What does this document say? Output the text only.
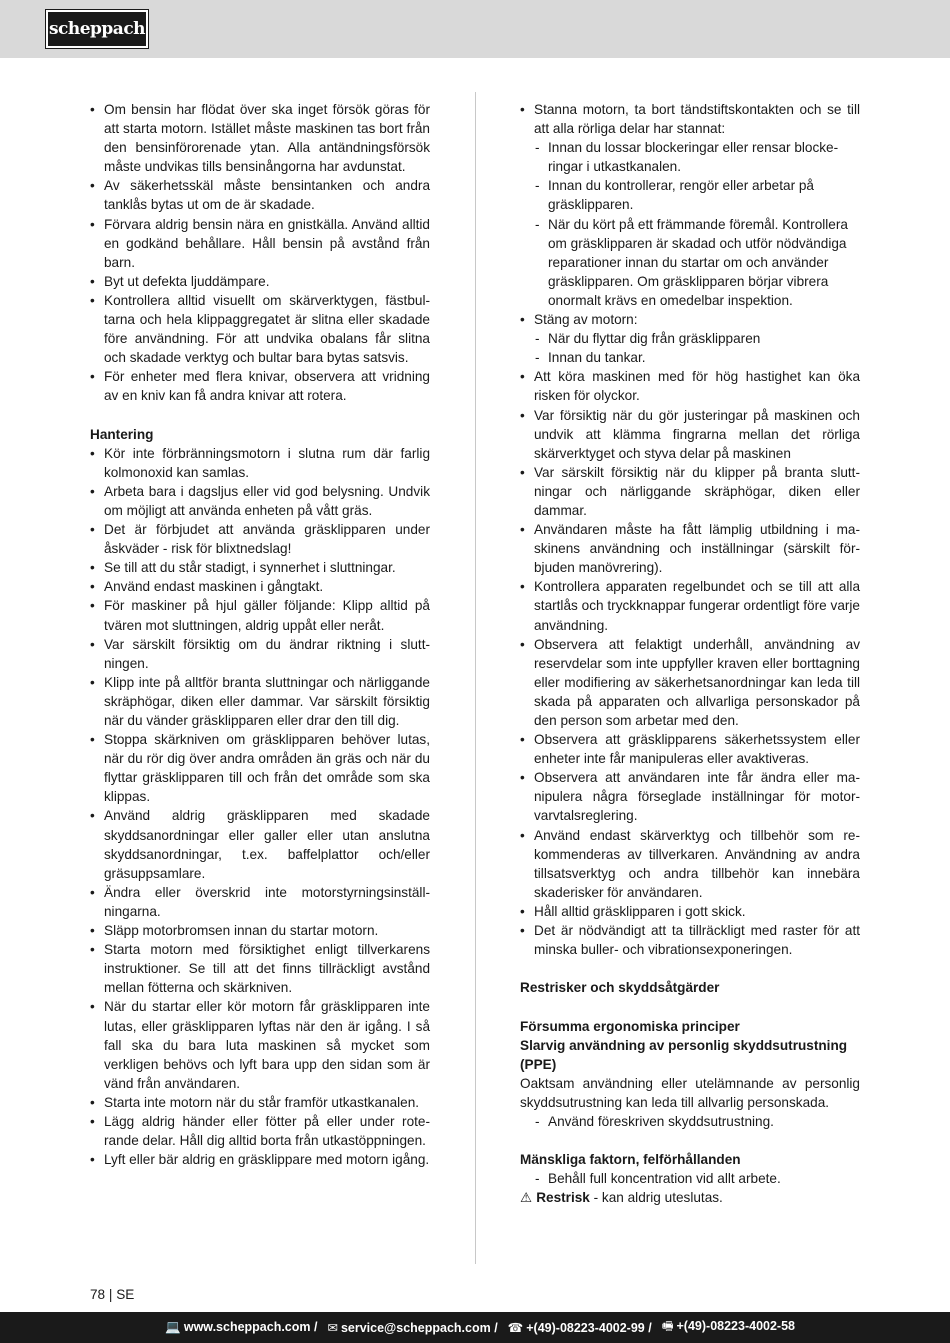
scheppach
• Om bensin har flödat över ska inget försök göras för att starta motorn. Istället måste maskinen tas bort från den bensinförorenade ytan. Alla antändningsförsök måste undvikas tills bensinångorna har avdunstat.
• Av säkerhetsskäl måste bensintanken och andra tanklås bytas ut om de är skadade.
• Förvara aldrig bensin nära en gnistkälla. Använd alltid en godkänd behållare. Håll bensin på avstånd från barn.
• Byt ut defekta ljuddämpare.
• Kontrollera alltid visuellt om skärverktygen, fästbultarna och hela klippaggregatet är slitna eller skadade före användning. För att undvika obalans får slitna och skadade verktyg och bultar bara bytas satsvis.
• För enheter med flera knivar, observera att vridning av en kniv kan få andra knivar att rotera.
Hantering
• Kör inte förbränningsmotorn i slutna rum där farlig kolmonoxid kan samlas.
• Arbeta bara i dagsljus eller vid god belysning. Undvik om möjligt att använda enheten på vått gräs.
• Det är förbjudet att använda gräsklipparen under åskväder - risk för blixtnedslag!
• Se till att du står stadigt, i synnerhet i sluttningar.
• Använd endast maskinen i gångtakt.
• För maskiner på hjul gäller följande: Klipp alltid på tvären mot sluttningen, aldrig uppåt eller neråt.
• Var särskilt försiktig om du ändrar riktning i sluttningen.
• Klipp inte på alltför branta sluttningar och närliggande skräphögar, diken eller dammar. Var särskilt försiktig när du vänder gräsklipparen eller drar den till dig.
• Stoppa skärkniven om gräsklipparen behöver lutas, när du rör dig över andra områden än gräs och när du flyttar gräsklipparen till och från det område som ska klippas.
• Använd aldrig gräsklipparen med skadade skyddsanordningar eller galler eller utan anslutna skyddsanordningar, t.ex. baffelplattor och/eller gräsuppsamlare.
• Ändra eller överskrid inte motorstyrningsinställningarna.
• Släpp motorbromsen innan du startar motorn.
• Starta motorn med försiktighet enligt tillverkarens instruktioner. Se till att det finns tillräckligt avstånd mellan fötterna och skärkniven.
• När du startar eller kör motorn får gräsklipparen inte lutas, eller gräsklipparen lyftas när den är igång. I så fall ska du bara luta maskinen så mycket som verkligen behövs och lyft bara upp den sidan som är vänd från användaren.
• Starta inte motorn när du står framför utkastkanalen.
• Lägg aldrig händer eller fötter på eller under roterande delar. Håll dig alltid borta från utkastöppningen.
• Lyft eller bär aldrig en gräsklippare med motorn igång.
• Stanna motorn, ta bort tändstiftskontakten och se till att alla rörliga delar har stannat:
- Innan du lossar blockeringar eller rensar blockeringar i utkastkanalen.
- Innan du kontrollerar, rengör eller arbetar på gräsklipparen.
- När du kört på ett främmande föremål. Kontrollera om gräsklipparen är skadad och utför nödvändiga reparationer innan du startar om och använder gräsklipparen. Om gräsklipparen börjar vibrera onormalt krävs en omedelbar inspektion.
• Stäng av motorn:
- När du flyttar dig från gräsklipparen
- Innan du tankar.
• Att köra maskinen med för hög hastighet kan öka risken för olyckor.
• Var försiktig när du gör justeringar på maskinen och undvik att klämma fingrarna mellan det rörliga skärverktyget och styva delar på maskinen
• Var särskilt försiktig när du klipper på branta sluttningar och närliggande skräphögar, diken eller dammar.
• Användaren måste ha fått lämplig utbildning i maskinens användning och inställningar (särskilt förbjuden manövrering).
• Kontrollera apparaten regelbundet och se till att alla startlås och tryckknappar fungerar ordentligt före varje användning.
• Observera att felaktigt underhåll, användning av reservdelar som inte uppfyller kraven eller borttagning eller modifiering av säkerhetsanordningar kan leda till skada på apparaten och allvarliga personskador på den person som arbetar med den.
• Observera att gräsklipparens säkerhetssystem eller enheter inte får manipuleras eller avaktiveras.
• Observera att användaren inte får ändra eller manipulera några förseglade inställningar för motorvarvtalsreglering.
• Använd endast skärverktyg och tillbehör som rekommenderas av tillverkaren. Användning av andra tillsatsverktyg och andra tillbehör kan innebära skaderisker för användaren.
• Håll alltid gräsklipparen i gott skick.
• Det är nödvändigt att ta tillräckligt med raster för att minska buller- och vibrationsexponeringen.
Restrisker och skyddsåtgärder
Försumma ergonomiska principer
Slarvig användning av personlig skyddsutrustning (PPE)
Oaktsam användning eller utelämnande av personlig skyddsutrustning kan leda till allvarlig personskada.
- Använd föreskriven skyddsutrustning.
Mänskliga faktorn, felförhållanden
- Behåll full koncentration vid allt arbete.
⚠ Restrisk - kan aldrig uteslutas.
78 | SE
💻 www.scheppach.com / ✉ service@scheppach.com / ☎ +(49)-08223-4002-99 / 🖷 +(49)-08223-4002-58
